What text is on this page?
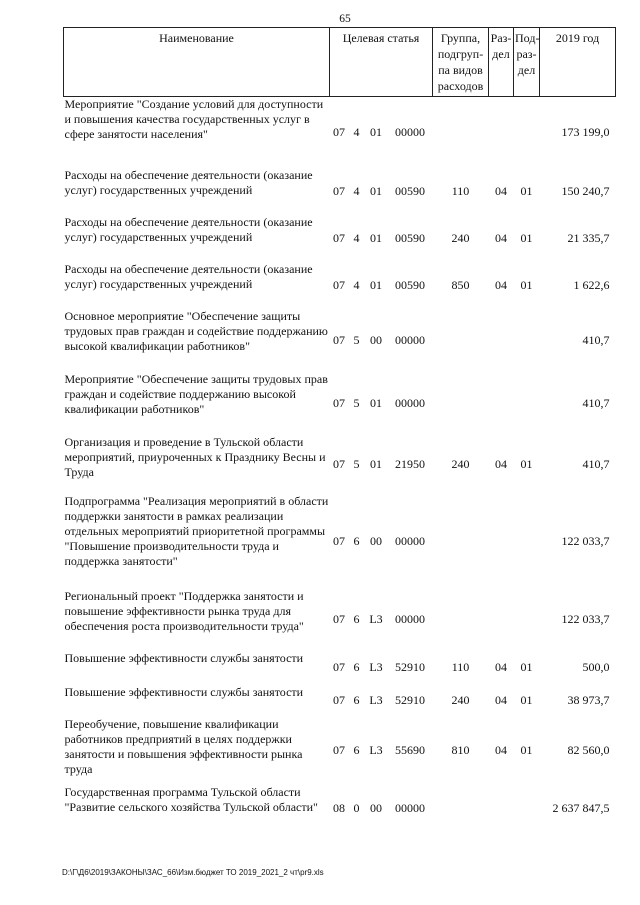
65
Наименование	Целевая статья				Группа, подгруп-па видов расходов	Раз-дел	Под-раз-дел	2019 год
Мероприятие "Создание условий для доступности и повышения качества государственных услуг в сфере занятости населения"	07	4	01	00000				173 199,0
Расходы на обеспечение деятельности (оказание услуг) государственных учреждений	07	4	01	00590	110	04	01	150 240,7
Расходы на обеспечение деятельности (оказание услуг) государственных учреждений	07	4	01	00590	240	04	01	21 335,7
Расходы на обеспечение деятельности (оказание услуг) государственных учреждений	07	4	01	00590	850	04	01	1 622,6
Основное мероприятие "Обеспечение защиты трудовых прав граждан и содействие поддержанию высокой квалификации работников"	07	5	00	00000				410,7
Мероприятие "Обеспечение защиты трудовых прав граждан и содействие поддержанию высокой квалификации работников"	07	5	01	00000				410,7
Организация и проведение в Тульской области мероприятий, приуроченных к Празднику Весны и Труда	07	5	01	21950	240	04	01	410,7
Подпрограмма "Реализация мероприятий в области поддержки занятости в рамках реализации отдельных мероприятий приоритетной программы "Повышение производительности труда и поддержка занятости"	07	6	00	00000				122 033,7
Региональный проект "Поддержка занятости и повышение эффективности рынка труда для обеспечения роста производительности труда"	07	6	L3	00000				122 033,7
Повышение эффективности службы занятости	07	6	L3	52910	110	04	01	500,0
Повышение эффективности службы занятости	07	6	L3	52910	240	04	01	38 973,7
Переобучение, повышение квалификации работников предприятий в целях поддержки занятости и повышения эффективности рынка труда	07	6	L3	55690	810	04	01	82 560,0
Государственная программа Тульской области "Развитие сельского хозяйства Тульской области"	08	0	00	00000				2 637 847,5
D:\Г\Д6\2019\ЗАКОНЫ\ЗАС_66\Изм.бюджет ТО 2019_2021_2 чт\pr9.xls
